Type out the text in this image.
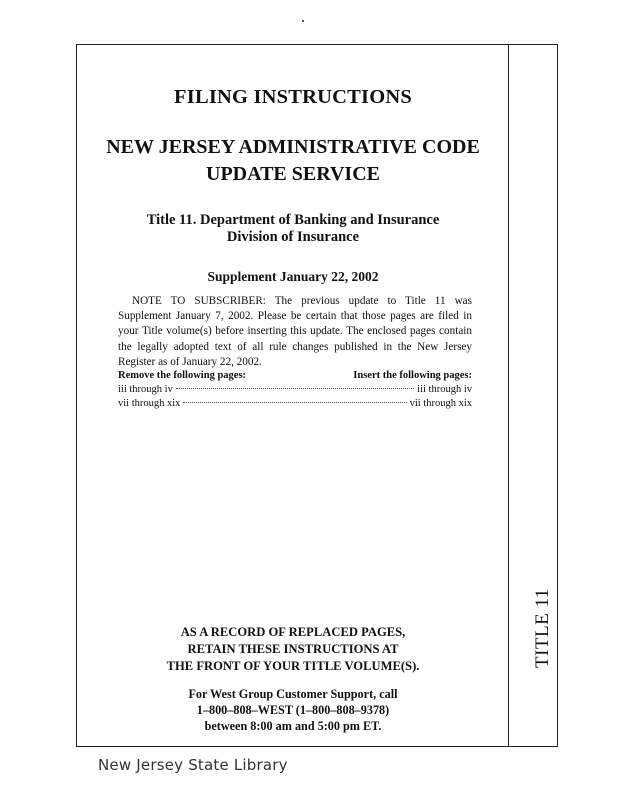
TITLE 11
FILING INSTRUCTIONS
NEW JERSEY ADMINISTRATIVE CODE
UPDATE SERVICE
Title 11. Department of Banking and Insurance
Division of Insurance
Supplement January 22, 2002
NOTE TO SUBSCRIBER: The previous update to Title 11 was Supplement January 7, 2002. Please be certain that those pages are filed in your Title volume(s) before inserting this update. The enclosed pages contain the legally adopted text of all rule changes published in the New Jersey Register as of January 22, 2002.
Remove the following pages:	Insert the following pages:
iii through iv	iii through iv
vii through xix	vii through xix
AS A RECORD OF REPLACED PAGES,
RETAIN THESE INSTRUCTIONS AT
THE FRONT OF YOUR TITLE VOLUME(S).
For West Group Customer Support, call
1–800–808–WEST (1–800–808–9378)
between 8:00 am and 5:00 pm ET.
New Jersey State Library
